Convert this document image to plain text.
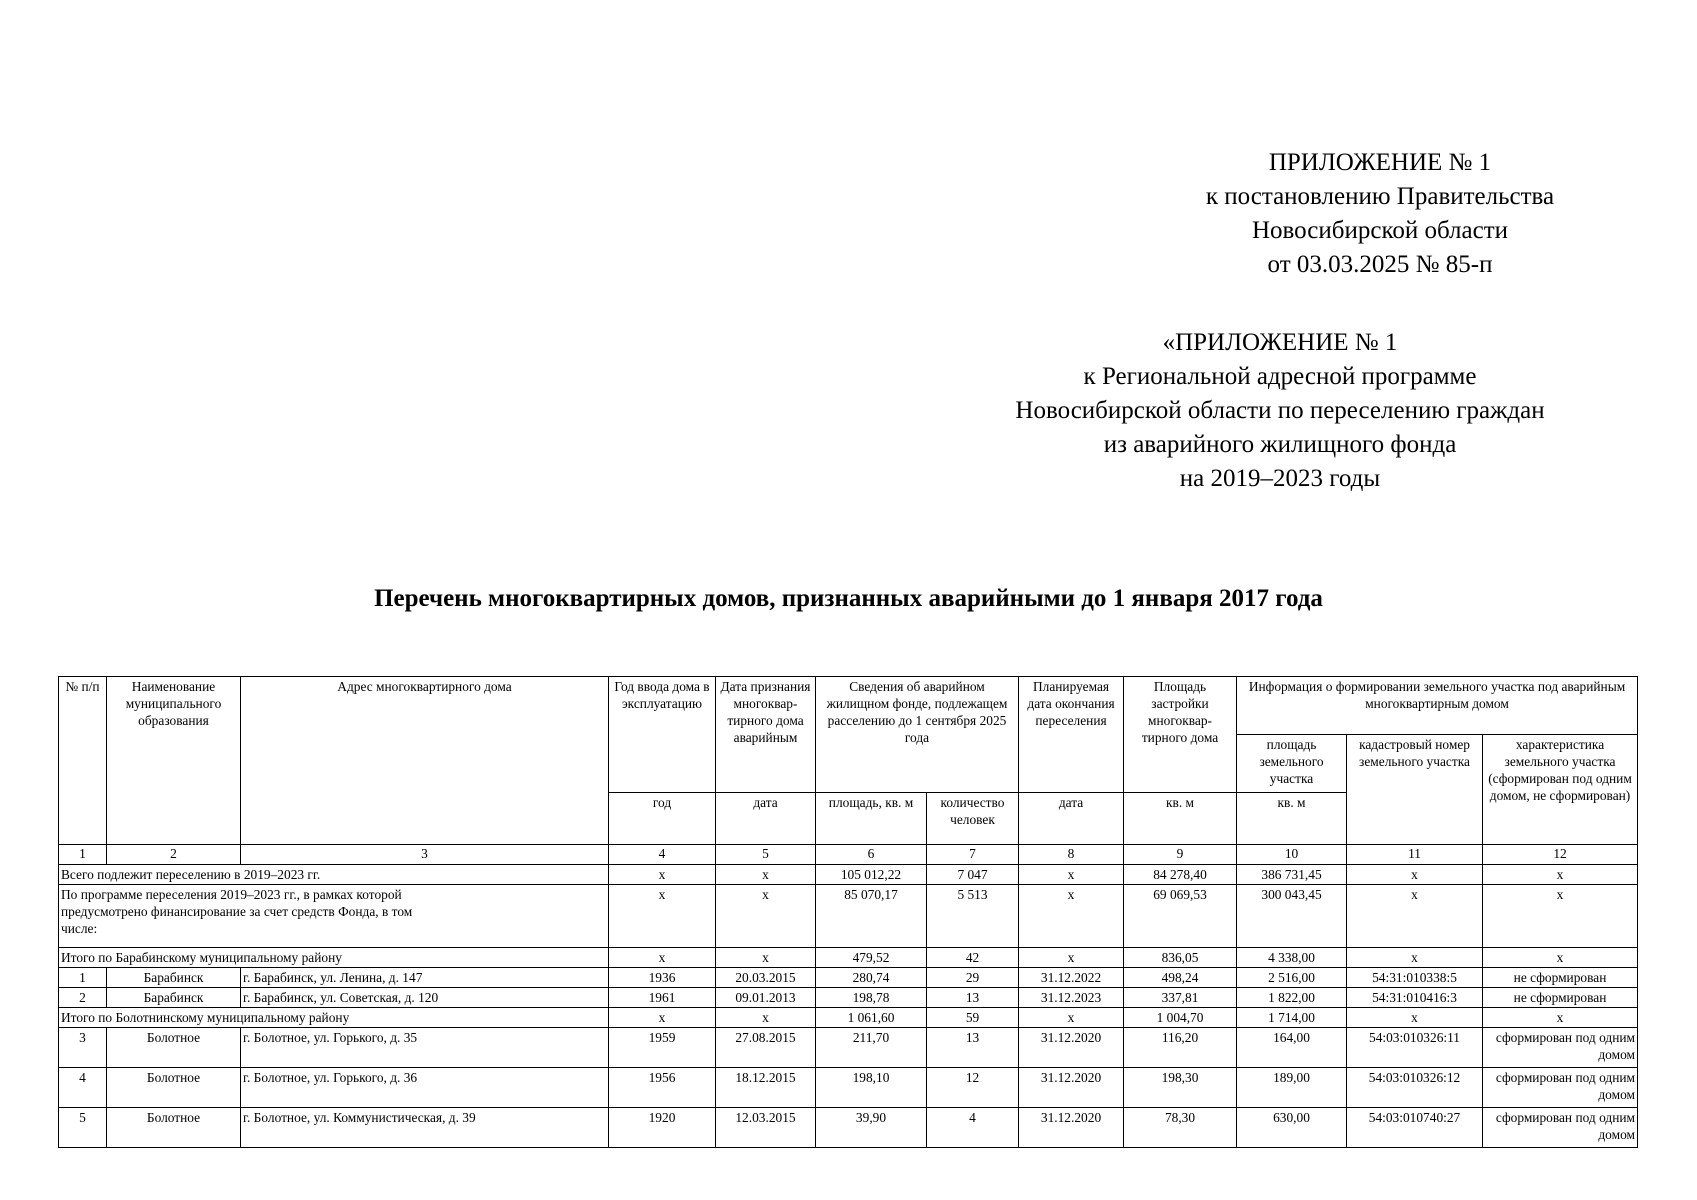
ПРИЛОЖЕНИЕ № 1
к постановлению Правительства
Новосибирской области
от 03.03.2025 № 85-п
«ПРИЛОЖЕНИЕ № 1
к Региональной адресной программе
Новосибирской области по переселению граждан
из аварийного жилищного фонда
на 2019–2023 годы
Перечень многоквартирных домов, признанных аварийными до 1 января 2017 года
№ п/п	Наименование муниципального образования	Адрес многоквартирного дома	Год ввода дома в эксплуатацию	Дата признания многоквар-тирного дома аварийным	Сведения об аварийном жилищном фонде, подлежащем расселению до 1 сентября 2025 года		Планируемая дата окончания переселения	Площадь застройки многоквар-тирного дома	Информация о формировании земельного участка под аварийным многоквартирным домом		
									площадь земельного участка	кадастровый номер земельного участка	характеристика земельного участка (сформирован под одним домом, не сформирован)
			год	дата	площадь, кв. м	количество человек	дата	кв. м	кв. м		
1	2	3	4	5	6	7	8	9	10	11	12
Всего подлежит переселению в 2019–2023 гг.			x	x	105 012,22	7 047	x	84 278,40	386 731,45	x	x
По программе переселения 2019–2023 гг., в рамках которой предусмотрено финансирование за счет средств Фонда, в том числе:			x	x	85 070,17	5 513	x	69 069,53	300 043,45	x	x
Итого по Барабинскому муниципальному району			x	x	479,52	42	x	836,05	4 338,00	x	x
1	Барабинск	г. Барабинск, ул. Ленина, д. 147	1936	20.03.2015	280,74	29	31.12.2022	498,24	2 516,00	54:31:010338:5	не сформирован
2	Барабинск	г. Барабинск, ул. Советская, д. 120	1961	09.01.2013	198,78	13	31.12.2023	337,81	1 822,00	54:31:010416:3	не сформирован
Итого по Болотнинскому муниципальному району			x	x	1 061,60	59	x	1 004,70	1 714,00	x	x
3	Болотное	г. Болотное, ул. Горького, д. 35	1959	27.08.2015	211,70	13	31.12.2020	116,20	164,00	54:03:010326:11	сформирован под одним домом
4	Болотное	г. Болотное, ул. Горького, д. 36	1956	18.12.2015	198,10	12	31.12.2020	198,30	189,00	54:03:010326:12	сформирован под одним домом
5	Болотное	г. Болотное, ул. Коммунистическая, д. 39	1920	12.03.2015	39,90	4	31.12.2020	78,30	630,00	54:03:010740:27	сформирован под одним домом
